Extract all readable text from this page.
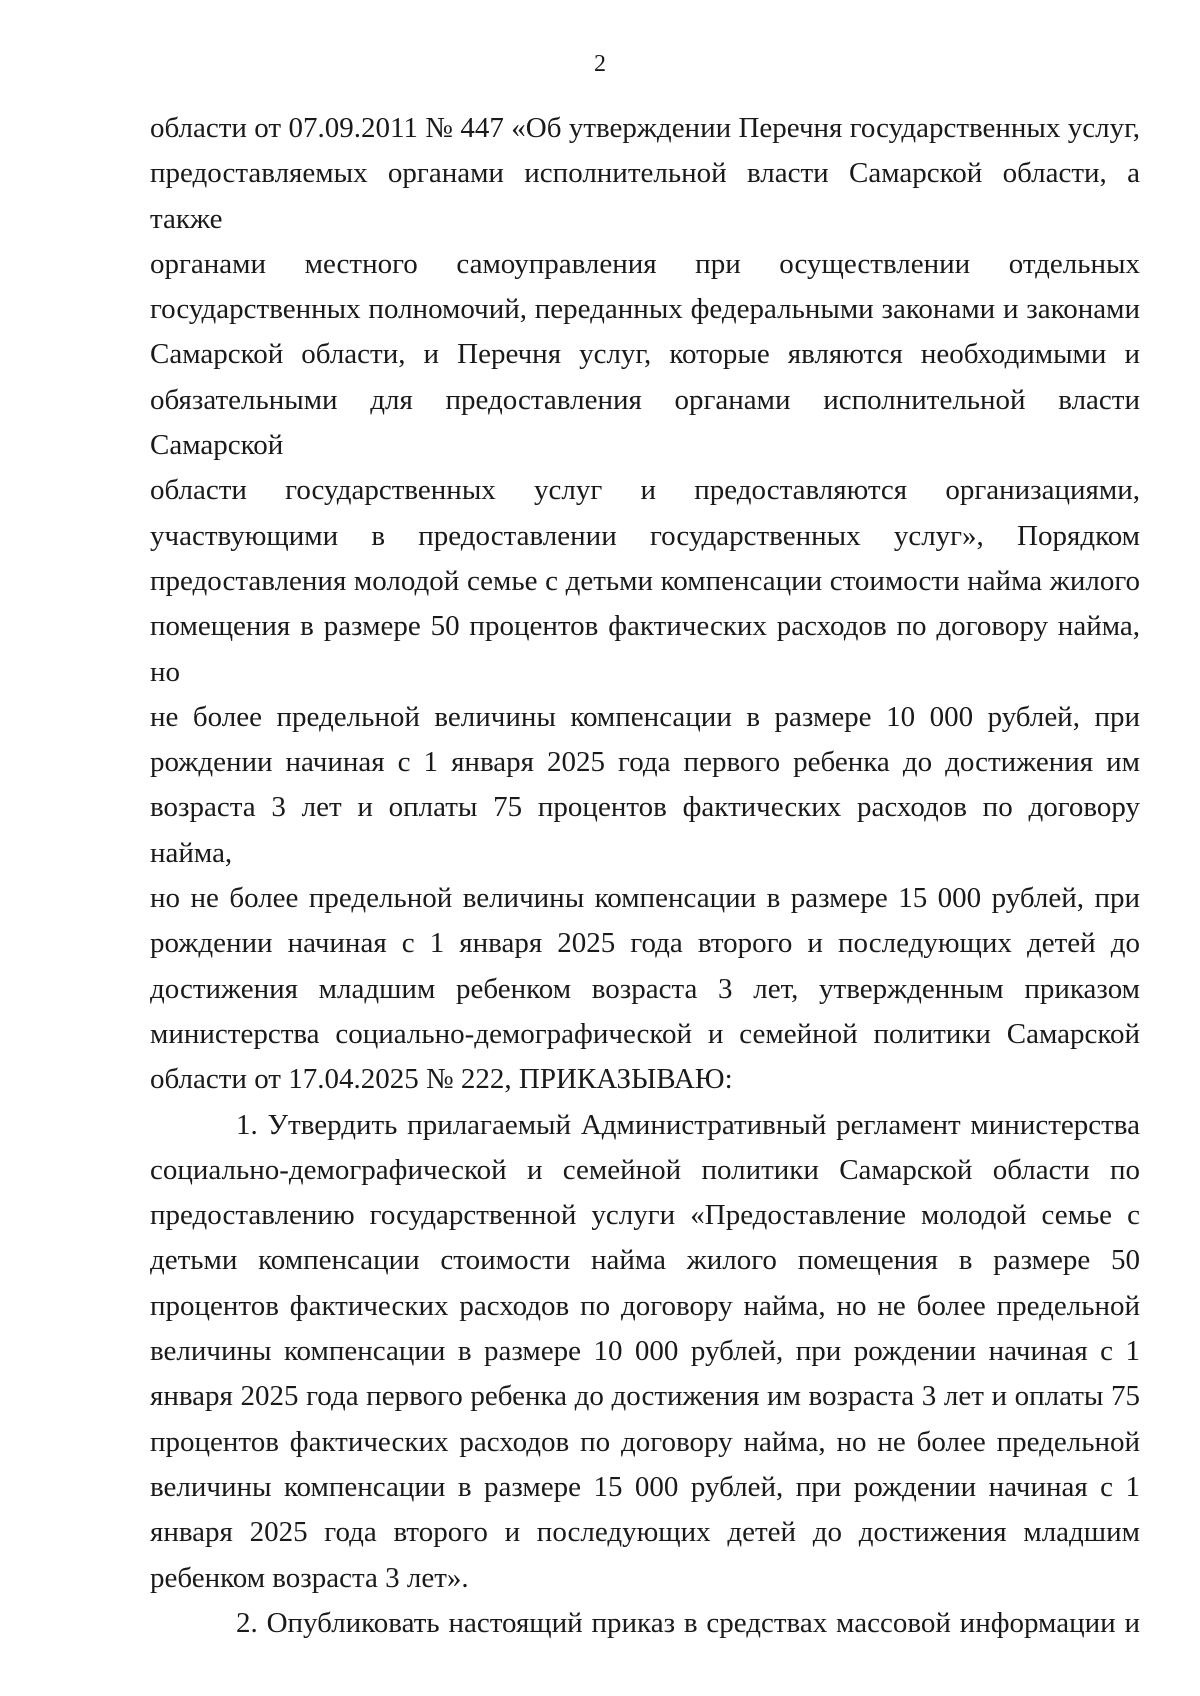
2

области от 07.09.2011 № 447 «Об утверждении Перечня государственных услуг,
предоставляемых органами исполнительной власти Самарской области, а также
органами местного самоуправления при осуществлении отдельных
государственных полномочий, переданных федеральными законами и законами
Самарской области, и Перечня услуг, которые являются необходимыми и
обязательными для предоставления органами исполнительной власти Самарской
области государственных услуг и предоставляются организациями,
участвующими в предоставлении государственных услуг», Порядком
предоставления молодой семье с детьми компенсации стоимости найма жилого
помещения в размере 50 процентов фактических расходов по договору найма, но
не более предельной величины компенсации в размере 10 000 рублей, при
рождении начиная с 1 января 2025 года первого ребенка до достижения им
возраста 3 лет и оплаты 75 процентов фактических расходов по договору найма,
но не более предельной величины компенсации в размере 15 000 рублей, при
рождении начиная с 1 января 2025 года второго и последующих детей до
достижения младшим ребенком возраста 3 лет, утвержденным приказом
министерства социально-демографической и семейной политики Самарской
области от 17.04.2025 № 222, ПРИКАЗЫВАЮ:

1. Утвердить прилагаемый Административный регламент министерства
социально-демографической и семейной политики Самарской области по
предоставлению государственной услуги «Предоставление молодой семье с
детьми компенсации стоимости найма жилого помещения в размере 50
процентов фактических расходов по договору найма, но не более предельной
величины компенсации в размере 10 000 рублей, при рождении начиная с 1
января 2025 года первого ребенка до достижения им возраста 3 лет и оплаты 75
процентов фактических расходов по договору найма, но не более предельной
величины компенсации в размере 15 000 рублей, при рождении начиная с 1
января 2025 года второго и последующих детей до достижения младшим
ребенком возраста 3 лет».

2. Опубликовать настоящий приказ в средствах массовой информации и
